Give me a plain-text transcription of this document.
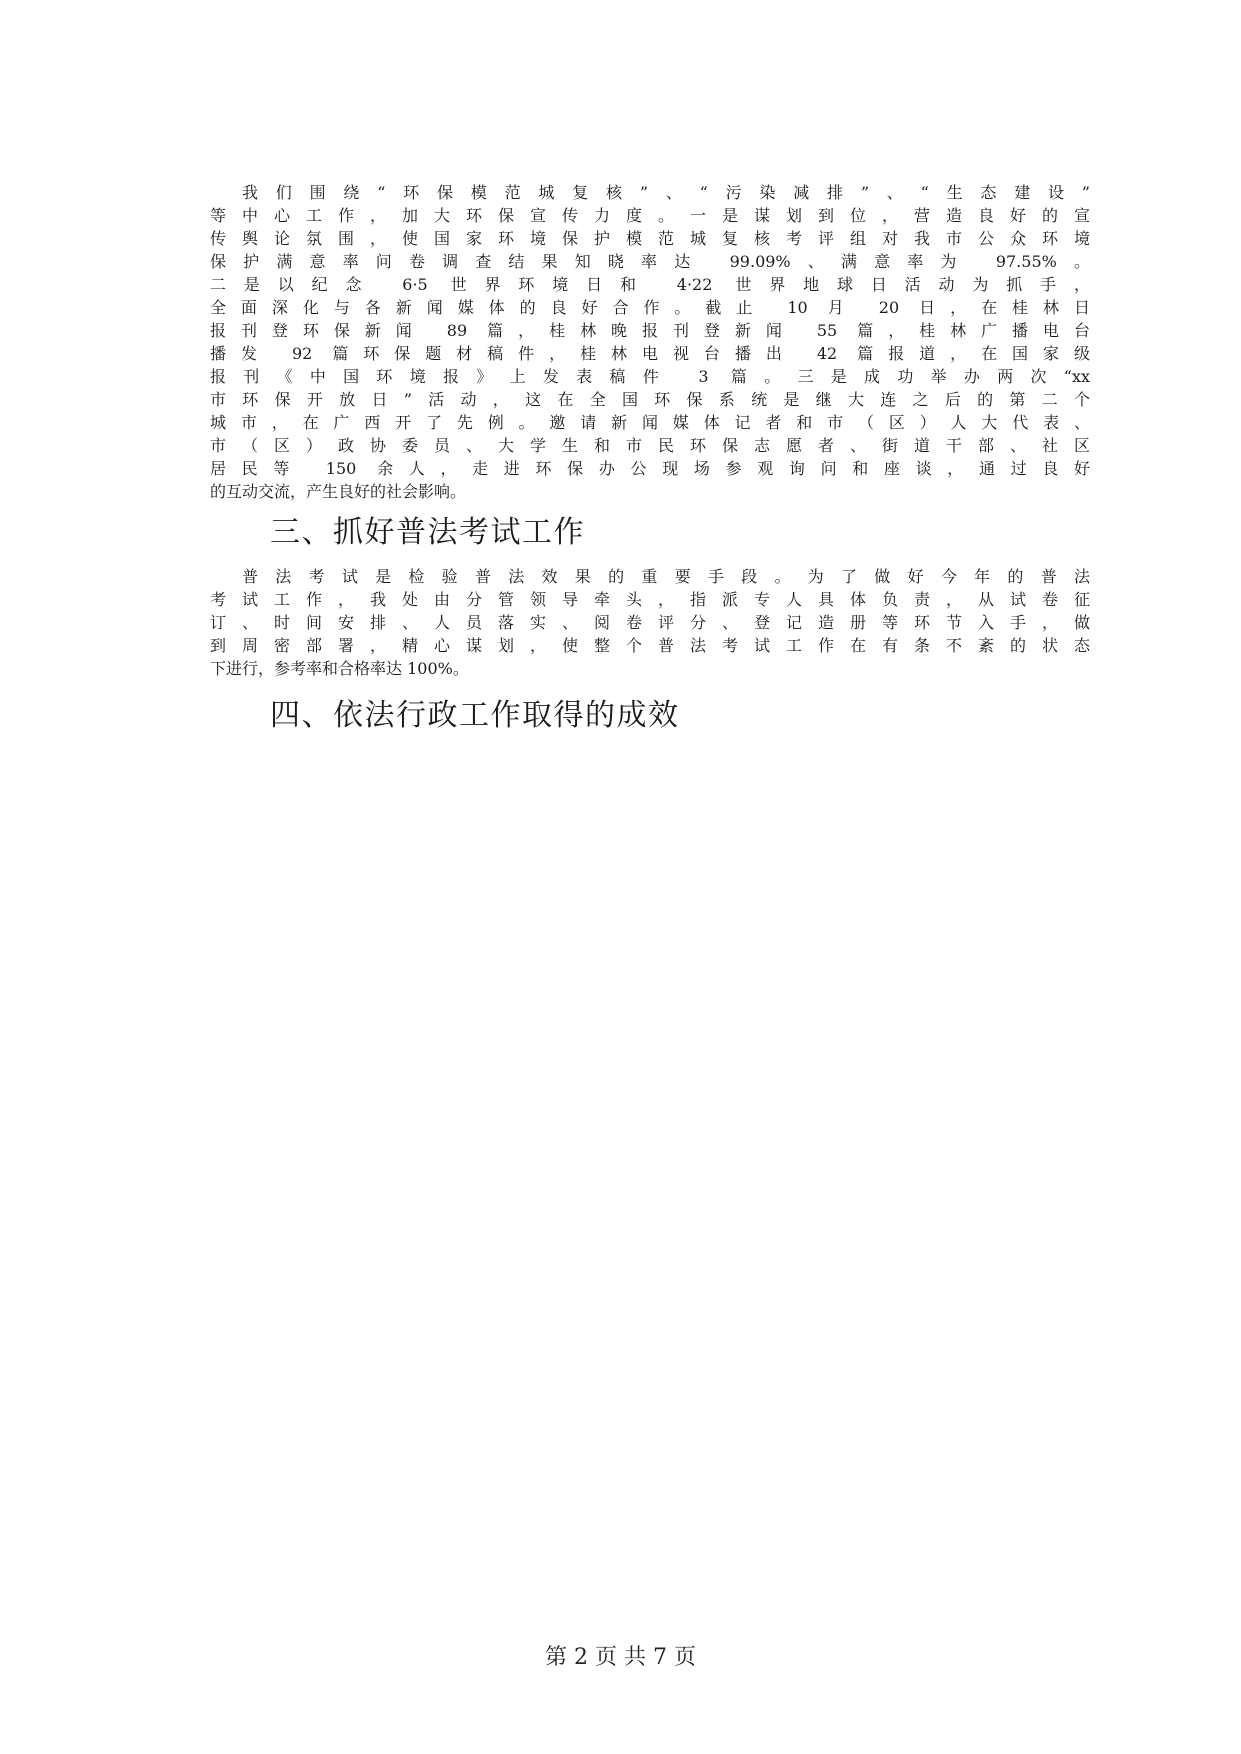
我们围绕“环保模范城复核”、“污染减排”、“生态建设”
等中心工作，加大环保宣传力度。一是谋划到位，营造良好的宣
传舆论氛围，使国家环境保护模范城复核考评组对我市公众环境
保护满意率问卷调查结果知晓率达 99.09%、满意率为 97.55%。
二是以纪念 6·5 世界环境日和 4·22 世界地球日活动为抓手，
全面深化与各新闻媒体的良好合作。截止 10 月 20 日，在桂林日
报刊登环保新闻 89 篇，桂林晚报刊登新闻 55 篇，桂林广播电台
播发 92 篇环保题材稿件，桂林电视台播出 42 篇报道，在国家级
报刊《中国环境报》上发表稿件 3 篇。三是成功举办两次“xx
市环保开放日”活动，这在全国环保系统是继大连之后的第二个
城市，在广西开了先例。邀请新闻媒体记者和市（区）人大代表、
市（区）政协委员、大学生和市民环保志愿者、街道干部、社区
居民等 150 余人，走进环保办公现场参观询问和座谈，通过良好
的互动交流，产生良好的社会影响。

三、抓好普法考试工作

普法考试是检验普法效果的重要手段。为了做好今年的普法
考试工作，我处由分管领导牵头，指派专人具体负责，从试卷征
订、时间安排、人员落实、阅卷评分、登记造册等环节入手，做
到周密部署，精心谋划，使整个普法考试工作在有条不紊的状态
下进行，参考率和合格率达 100%。

四、依法行政工作取得的成效

第 2 页 共 7 页
